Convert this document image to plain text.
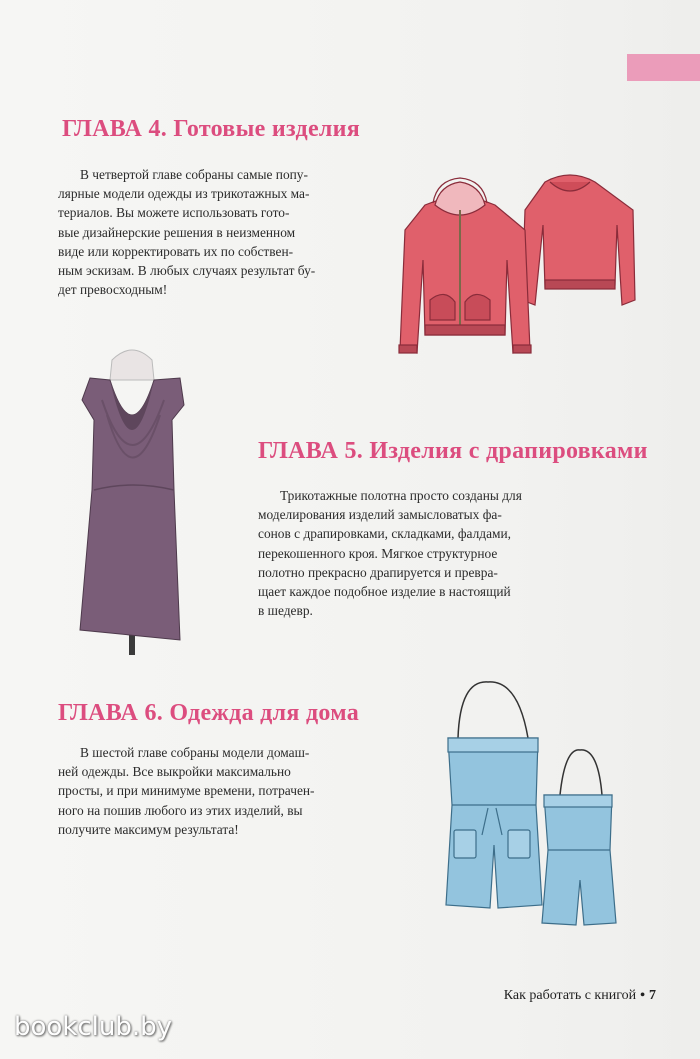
ГЛАВА 4. Готовые изделия
В четвертой главе собраны самые попу-
лярные модели одежды из трикотажных ма-
териалов. Вы можете использовать гото-
вые дизайнерские решения в неизменном
виде или корректировать их по собствен-
ным эскизам. В любых случаях результат бу-
дет превосходным!
ГЛАВА 5. Изделия с драпировками
Трикотажные полотна просто созданы для
моделирования изделий замысловатых фа-
сонов с драпировками, складками, фалдами,
перекошенного кроя. Мягкое структурное
полотно прекрасно драпируется и превра-
щает каждое подобное изделие в настоящий
в шедевр.
ГЛАВА 6. Одежда для дома
В шестой главе собраны модели домаш-
ней одежды. Все выкройки максимально
просты, и при минимуме времени, потрачен-
ного на пошив любого из этих изделий, вы
получите максимум результата!
Как работать с книгой • 7
bookclub.by
